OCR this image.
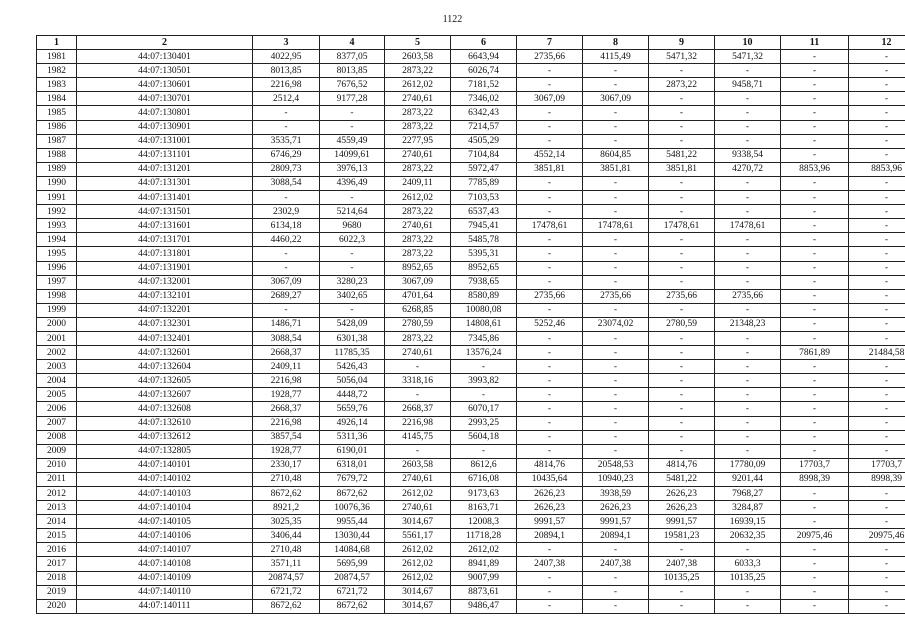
1122
1	2	3	4	5	6	7	8	9	10	11	12
1981	44:07:130401	4022,95	8377,05	2603,58	6643,94	2735,66	4115,49	5471,32	5471,32	-	-
1982	44:07:130501	8013,85	8013,85	2873,22	6026,74	-	-	-	-	-	-
1983	44:07:130601	2216,98	7676,52	2612,02	7181,52	-	-	2873,22	9458,71	-	-
1984	44:07:130701	2512,4	9177,28	2740,61	7346,02	3067,09	3067,09	-	-	-	-
1985	44:07:130801	-	-	2873,22	6342,43	-	-	-	-	-	-
1986	44:07:130901	-	-	2873,22	7214,57	-	-	-	-	-	-
1987	44:07:131001	3535,71	4559,49	2277,95	4505,29	-	-	-	-	-	-
1988	44:07:131101	6746,29	14099,61	2740,61	7104,84	4552,14	8604,85	5481,22	9338,54	-	-
1989	44:07:131201	2809,73	3976,13	2873,22	5972,47	3851,81	3851,81	3851,81	4270,72	8853,96	8853,96
1990	44:07:131301	3088,54	4396,49	2409,11	7785,89	-	-	-	-	-	-
1991	44:07:131401	-	-	2612,02	7103,53	-	-	-	-	-	-
1992	44:07:131501	2302,9	5214,64	2873,22	6537,43	-	-	-	-	-	-
1993	44:07:131601	6134,18	9680	2740,61	7945,41	17478,61	17478,61	17478,61	17478,61	-	-
1994	44:07:131701	4460,22	6022,3	2873,22	5485,78	-	-	-	-	-	-
1995	44:07:131801	-	-	2873,22	5395,31	-	-	-	-	-	-
1996	44:07:131901	-	-	8952,65	8952,65	-	-	-	-	-	-
1997	44:07:132001	3067,09	3280,23	3067,09	7938,65	-	-	-	-	-	-
1998	44:07:132101	2689,27	3402,65	4701,64	8580,89	2735,66	2735,66	2735,66	2735,66	-	-
1999	44:07:132201	-	-	6268,85	10080,08	-	-	-	-	-	-
2000	44:07:132301	1486,71	5428,09	2780,59	14808,61	5252,46	23074,02	2780,59	21348,23	-	-
2001	44:07:132401	3088,54	6301,38	2873,22	7345,86	-	-	-	-	-	-
2002	44:07:132601	2668,37	11785,35	2740,61	13576,24	-	-	-	-	7861,89	21484,58
2003	44:07:132604	2409,11	5426,43	-	-	-	-	-	-	-	-
2004	44:07:132605	2216,98	5056,04	3318,16	3993,82	-	-	-	-	-	-
2005	44:07:132607	1928,77	4448,72	-	-	-	-	-	-	-	-
2006	44:07:132608	2668,37	5659,76	2668,37	6070,17	-	-	-	-	-	-
2007	44:07:132610	2216,98	4926,14	2216,98	2993,25	-	-	-	-	-	-
2008	44:07:132612	3857,54	5311,36	4145,75	5604,18	-	-	-	-	-	-
2009	44:07:132805	1928,77	6190,01	-	-	-	-	-	-	-	-
2010	44:07:140101	2330,17	6318,01	2603,58	8612,6	4814,76	20548,53	4814,76	17780,09	17703,7	17703,7
2011	44:07:140102	2710,48	7679,72	2740,61	6716,08	10435,64	10940,23	5481,22	9201,44	8998,39	8998,39
2012	44:07:140103	8672,62	8672,62	2612,02	9173,63	2626,23	3938,59	2626,23	7968,27	-	-
2013	44:07:140104	8921,2	10076,36	2740,61	8163,71	2626,23	2626,23	2626,23	3284,87	-	-
2014	44:07:140105	3025,35	9955,44	3014,67	12008,3	9991,57	9991,57	9991,57	16939,15	-	-
2015	44:07:140106	3406,44	13030,44	5561,17	11718,28	20894,1	20894,1	19581,23	20632,35	20975,46	20975,46
2016	44:07:140107	2710,48	14084,68	2612,02	2612,02	-	-	-	-	-	-
2017	44:07:140108	3571,11	5695,99	2612,02	8941,89	2407,38	2407,38	2407,38	6033,3	-	-
2018	44:07:140109	20874,57	20874,57	2612,02	9007,99	-	-	10135,25	10135,25	-	-
2019	44:07:140110	6721,72	6721,72	3014,67	8873,61	-	-	-	-	-	-
2020	44:07:140111	8672,62	8672,62	3014,67	9486,47	-	-	-	-	-	-
